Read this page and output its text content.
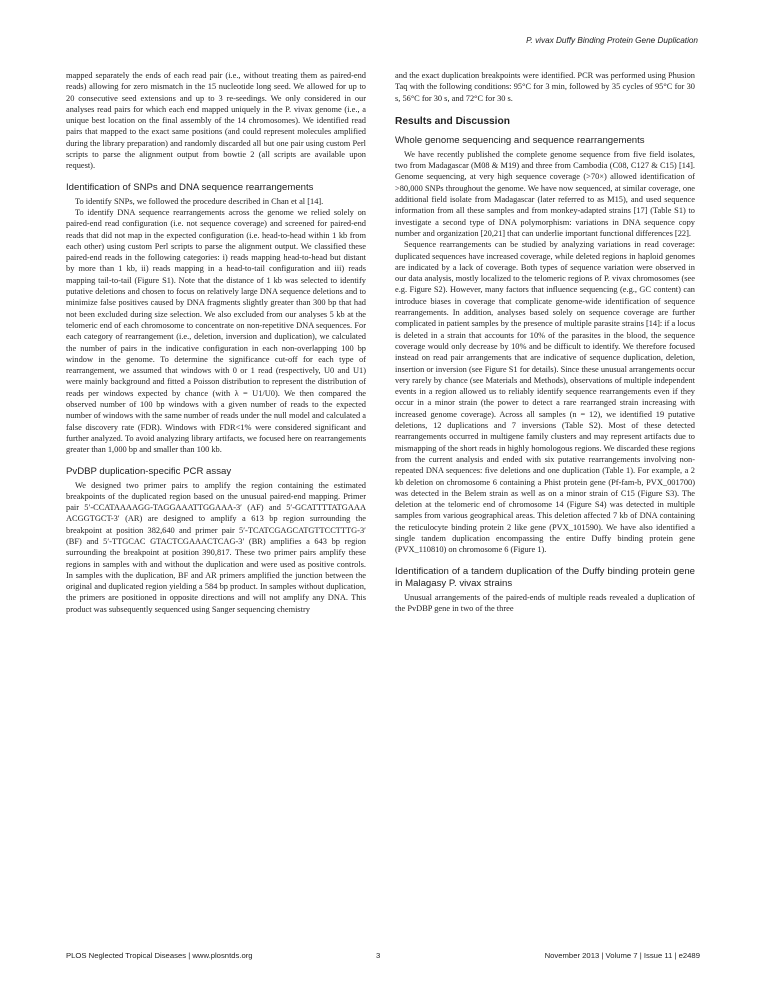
P. vivax Duffy Binding Protein Gene Duplication

mapped separately the ends of each read pair (i.e., without treating them as paired-end reads) allowing for zero mismatch in the 15 nucleotide long seed. We allowed for up to 20 consecutive seed extensions and up to 3 re-seedings. We only considered in our analyses read pairs for which each end mapped uniquely in the P. vivax genome (i.e., a unique best location on the final assembly of the 14 chromosomes). We identified read pairs that mapped to the exact same positions (and could represent molecules amplified during the library preparation) and randomly discarded all but one pair using custom Perl scripts to parse the alignment output from bowtie 2 (all scripts are available upon request).

Identification of SNPs and DNA sequence rearrangements

To identify SNPs, we followed the procedure described in Chan et al [14].

To identify DNA sequence rearrangements across the genome we relied solely on paired-end read configuration (i.e. not sequence coverage) and screened for paired-end reads that did not map in the expected configuration (i.e. head-to-head within 1 kb from each other) using custom Perl scripts to parse the alignment output. We classified these paired-end reads in the following categories: i) reads mapping head-to-head but distant by more than 1 kb, ii) reads mapping in a head-to-tail configuration and iii) reads mapping tail-to-tail (Figure S1). Note that the distance of 1 kb was selected to identify putative deletions and chosen to focus on relatively large DNA sequence deletions and to minimize false positives caused by DNA fragments slightly greater than 300 bp that had not been excluded during size selection. We also excluded from our analyses 5 kb at the telomeric end of each chromosome to concentrate on non-repetitive DNA sequences. For each category of rearrangement (i.e., deletion, inversion and duplication), we calculated the number of pairs in the indicative configuration in each non-overlapping 100 bp window in the genome. To determine the significance cut-off for each type of rearrangement, we assumed that windows with 0 or 1 read (respectively, U0 and U1) were mainly background and fitted a Poisson distribution to represent the distribution of reads per windows expected by chance (with λ = U1/U0). We then compared the observed number of 100 bp windows with a given number of reads to the expected number of windows with the same number of reads under the null model and calculated a false discovery rate (FDR). Windows with FDR<1% were considered significant and further analyzed. To avoid analyzing library artifacts, we focused here on rearrangements greater than 1,000 bp and smaller than 100 kb.

PvDBP duplication-specific PCR assay

We designed two primer pairs to amplify the region containing the estimated breakpoints of the duplicated region based on the unusual paired-end mapping. Primer pair 5′-CCATAAAAGG-TAGGAAATTGGAAA-3′ (AF) and 5′-GCATTTTATGAAA ACGGTGCT-3′ (AR) are designed to amplify a 613 bp region surrounding the breakpoint at position 382,640 and primer pair 5′-TCATCGAGCATGTTCCTTTG-3′ (BF) and 5′-TTGCAC GTACTCGAAACTCAG-3′ (BR) amplifies a 643 bp region surrounding the breakpoint at position 390,817. These two primer pairs amplify these regions in samples with and without the duplication and were used as positive controls. In samples with the duplication, BF and AR primers amplified the junction between the original and duplicated region yielding a 584 bp product. In samples without duplication, the primers are positioned in opposite directions and will not amplify any DNA. This product was subsequently sequenced using Sanger sequencing chemistry

and the exact duplication breakpoints were identified. PCR was performed using Phusion Taq with the following conditions: 95°C for 3 min, followed by 35 cycles of 95°C for 30 s, 56°C for 30 s, and 72°C for 30 s.

Results and Discussion
Whole genome sequencing and sequence rearrangements

We have recently published the complete genome sequence from five field isolates, two from Madagascar (M08 & M19) and three from Cambodia (C08, C127 & C15) [14]. Genome sequencing, at very high sequence coverage (>70×) allowed identification of >80,000 SNPs throughout the genome. We have now sequenced, at similar coverage, one additional field isolate from Madagascar (later referred to as M15), and used sequence information from all these samples and from monkey-adapted strains [17] (Table S1) to investigate a second type of DNA polymorphism: variations in DNA sequence copy number and organization [20,21] that can underlie important functional differences [22].

Sequence rearrangements can be studied by analyzing variations in read coverage: duplicated sequences have increased coverage, while deleted regions in haploid genomes are indicated by a lack of coverage. Both types of sequence variation were observed in our data analysis, mostly localized to the telomeric regions of P. vivax chromosomes (see e.g. Figure S2). However, many factors that influence sequencing (e.g., GC content) can introduce biases in coverage that complicate genome-wide identification of sequence rearrangements. In addition, analyses based solely on sequence coverage are further complicated in patient samples by the presence of multiple parasite strains [14]: if a locus is deleted in a strain that accounts for 10% of the parasites in the blood, the sequence coverage would only decrease by 10% and be difficult to identify. We therefore focused instead on read pair arrangements that are indicative of sequence duplication, deletion, insertion or inversion (see Figure S1 for details). Since these unusual arrangements occur very rarely by chance (see Materials and Methods), observations of multiple independent events in a region allowed us to reliably identify sequence rearrangements even if they occur in a minor strain (the power to detect a rare rearranged strain increasing with increased genome coverage). Across all samples (n = 12), we identified 19 putative deletions, 12 duplications and 7 inversions (Table S2). Most of these detected rearrangements occurred in multigene family clusters and may represent artifacts due to mismapping of the short reads in highly homologous regions. We discarded these regions from the current analysis and ended with six putative rearrangements involving non-repeated DNA sequences: five deletions and one duplication (Table 1). For example, a 2 kb deletion on chromosome 6 containing a Phist protein gene (Pf-fam-b, PVX_001700) was detected in the Belem strain as well as on a minor strain of C15 (Figure S3). The deletion at the telomeric end of chromosome 14 (Figure S4) was detected in multiple samples from various geographical areas. This deletion affected 7 kb of DNA containing the reticulocyte binding protein 2 like gene (PVX_101590). We have also identified a single tandem duplication encompassing the entire Duffy binding protein gene (PVX_110810) on chromosome 6 (Figure 1).

Identification of a tandem duplication of the Duffy binding protein gene in Malagasy P. vivax strains

Unusual arrangements of the paired-ends of multiple reads revealed a duplication of the PvDBP gene in two of the three

PLOS Neglected Tropical Diseases | www.plosntds.org	3	November 2013 | Volume 7 | Issue 11 | e2489
